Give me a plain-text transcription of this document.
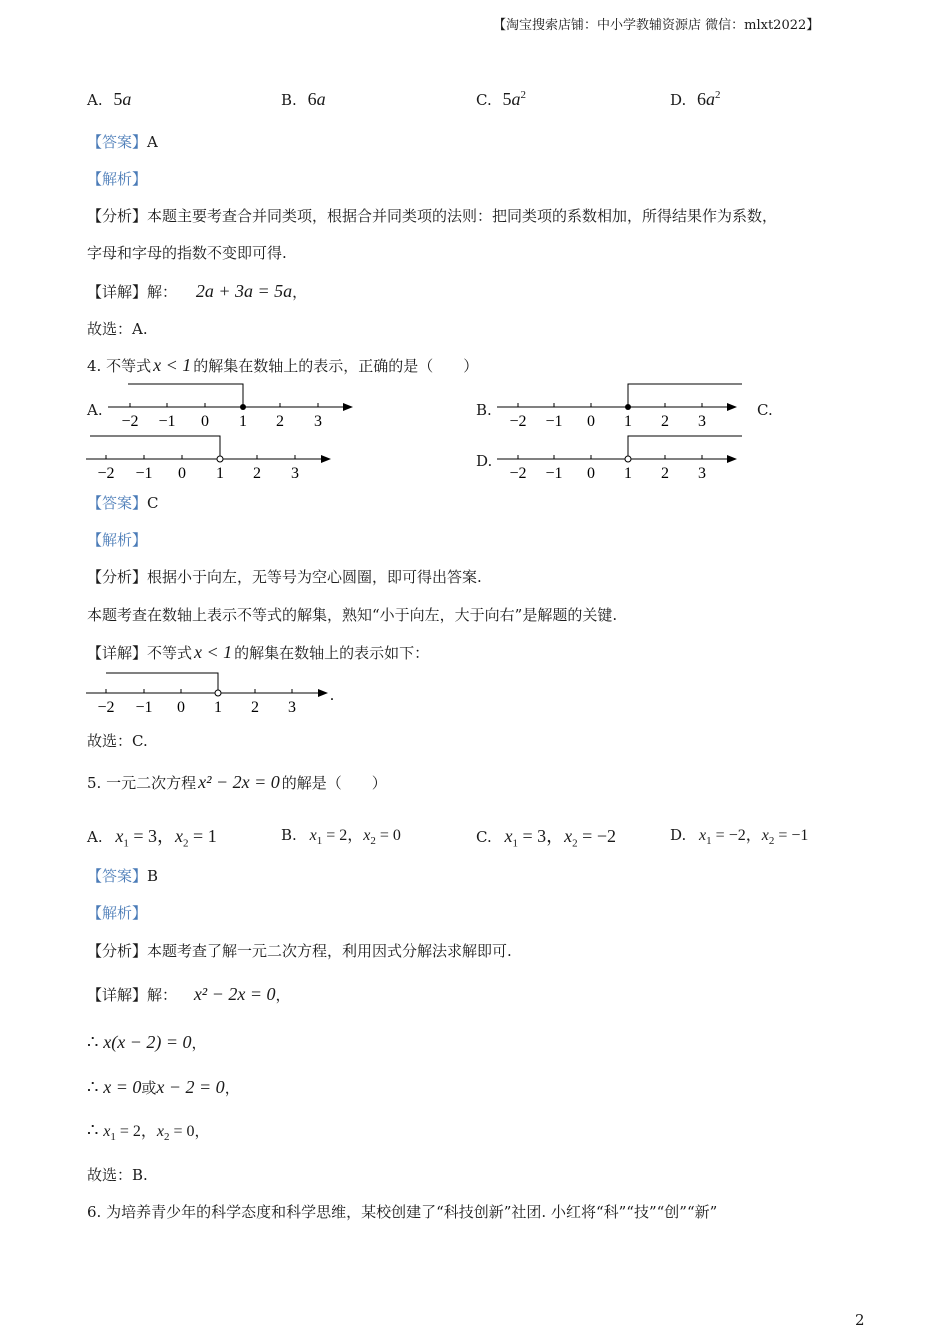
【淘宝搜索店铺：中小学教辅资源店 微信：mlxt2022】
A. 5a	B. 6a	C. $5a^2$	D. $6a^2$
【答案】A
【解析】
【分析】本题主要考查合并同类项，根据合并同类项的法则：把同类项的系数相加，所得结果作为系数，
字母和字母的指数不变即可得.
【详解】解： 2a + 3a = 5a，
故选：A.
4. 不等式 x < 1 的解集在数轴上的表示，正确的是（　　）
A.
−2 −1 0 1 2 3
B.
−2 −1 0 1 2 3
C.
−2 −1 0 1 2 3
D.
−2 −1 0 1 2 3
【答案】C
【解析】
【分析】根据小于向左，无等号为空心圆圈，即可得出答案.
本题考查在数轴上表示不等式的解集，熟知“小于向左，大于向右”是解题的关键.
【详解】不等式 x < 1 的解集在数轴上的表示如下：
−2 −1 0 1 2 3
.
故选：C.
5. 一元二次方程 x² − 2x = 0 的解是（　　）
A. $x_1 = 3$，$x_2 = 1$	B. $x_1 = 2$，$x_2 = 0$	C. $x_1 = 3$，$x_2 = -2$	D. $x_1 = -2$，$x_2 = -1$
【答案】B
【解析】
【分析】本题考查了解一元二次方程，利用因式分解法求解即可.
【详解】解： x² − 2x = 0，
∴ x(x − 2) = 0，
∴ x = 0或x − 2 = 0，
∴ $x_1 = 2$，$x_2 = 0$，
故选：B.
6. 为培养青少年的科学态度和科学思维，某校创建了“科技创新”社团. 小红将“科”“技”“创”“新”
2
